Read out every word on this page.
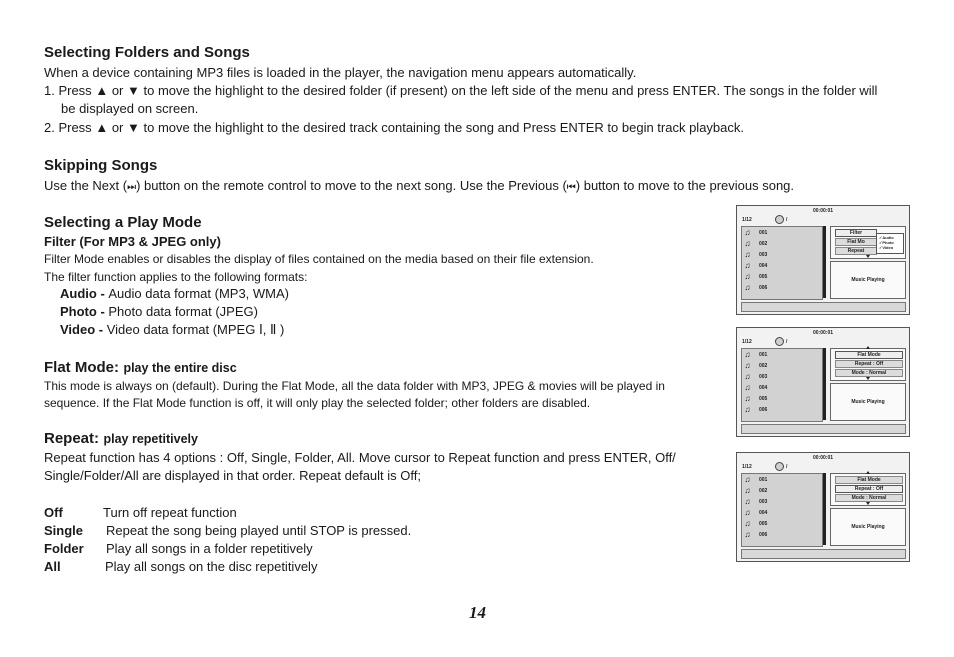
Selecting Folders and Songs
When a device containing MP3 files is loaded in the player, the navigation menu appears automatically.
1. Press ▲ or ▼ to move the highlight to the desired folder (if present) on the left side of the menu and press ENTER. The songs in the folder will
be displayed on screen.
2. Press ▲ or ▼ to move the highlight to the desired track containing the song and Press ENTER to begin track playback.
Skipping Songs
Use the Next (⏭) button on the remote control to move to the next song. Use the Previous (⏮) button to move to the previous song.
Selecting a Play Mode
Filter (For MP3 & JPEG only)
Filter Mode enables or disables the display of files contained on the media based on their file extension.
The filter function applies to the following formats:
Audio - Audio data format (MP3, WMA)
Photo - Photo data format (JPEG)
Video - Video data format (MPEG Ⅰ, Ⅱ )
Flat Mode: play the entire disc
This mode is always on (default). During the Flat Mode, all the data folder with MP3, JPEG & movies will be played in
sequence. If the Flat Mode function is off, it will only play the selected folder; other folders are disabled.
Repeat: play repetitively
Repeat function has 4 options : Off, Single, Folder, All. Move cursor to Repeat function and press ENTER, Off/
Single/Folder/All are displayed in that order. Repeat default is Off;
Off	Turn off repeat function
Single Repeat the song being played until STOP is pressed.
Folder Play all songs in a folder repetitively
All	Play all songs on the disc repetitively
00:00:01
1/12	/
♫	001
♫	002
♫	003
♫	004
♫	005
♫	006
Filter
Flat Mo
Repeat
✓Audio
✓Photo
✓Video
Music Playing
00:00:01
1/12	/
♫	001
♫	002
♫	003
♫	004
♫	005
♫	006
Flat Mode
Repeat : Off
Mode : Normal
Music Playing
00:00:01
1/12	/
♫	001
♫	002
♫	003
♫	004
♫	005
♫	006
Flat Mode
Repeat : Off
Mode : Normal
Music Playing
14
